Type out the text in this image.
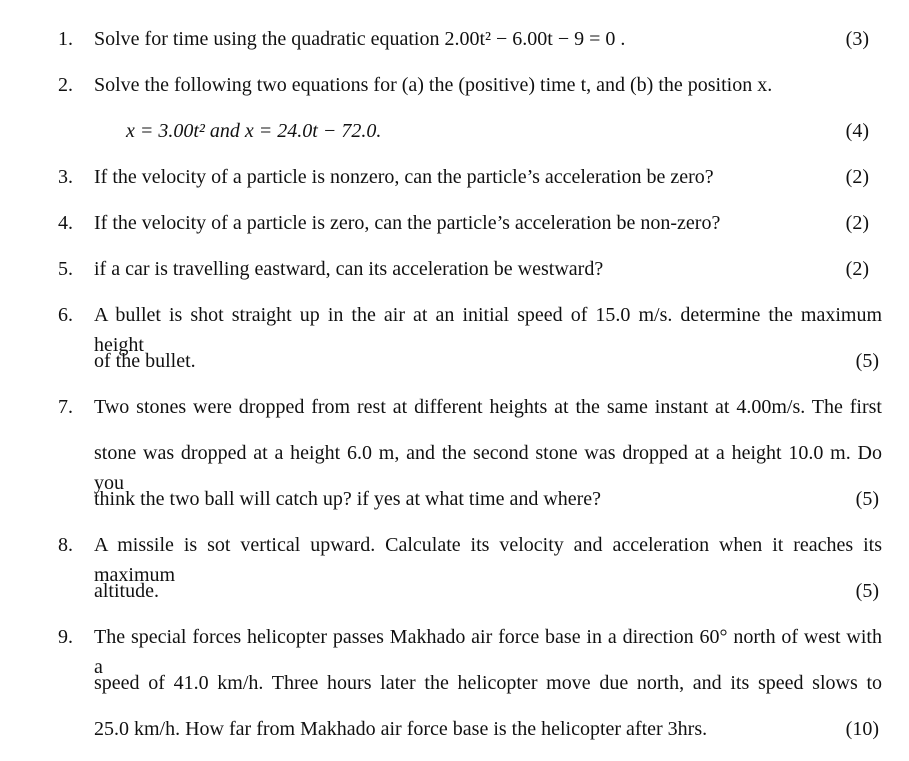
1.	Solve for time using the quadratic equation 2.00t² − 6.00t − 9 = 0 .	(3)
2.	Solve the following two equations for (a) the (positive) time t, and (b) the position x.
x = 3.00t² and x = 24.0t − 72.0.	(4)
3.	If the velocity of a particle is nonzero, can the particle’s acceleration be zero?	(2)
4.	If the velocity of a particle is zero, can the particle’s acceleration be non-zero?	(2)
5.	if a car is travelling eastward, can its acceleration be westward?	(2)
6.	A bullet is shot straight up in the air at an initial speed of 15.0 m/s. determine the maximum height
of the bullet.	(5)
7.	Two stones were dropped from rest at different heights at the same instant at 4.00m/s. The first
stone was dropped at a height 6.0 m, and the second stone was dropped at a height 10.0 m. Do you
think the two ball will catch up? if yes at what time and where?	(5)
8.	A missile is sot vertical upward. Calculate its velocity and acceleration when it reaches its maximum
altitude.	(5)
9.	The special forces helicopter passes Makhado air force base in a direction 60° north of west with a
speed of 41.0 km/h. Three hours later the helicopter move due north, and its speed slows to
25.0 km/h. How far from Makhado air force base is the helicopter after 3hrs.	(10)
